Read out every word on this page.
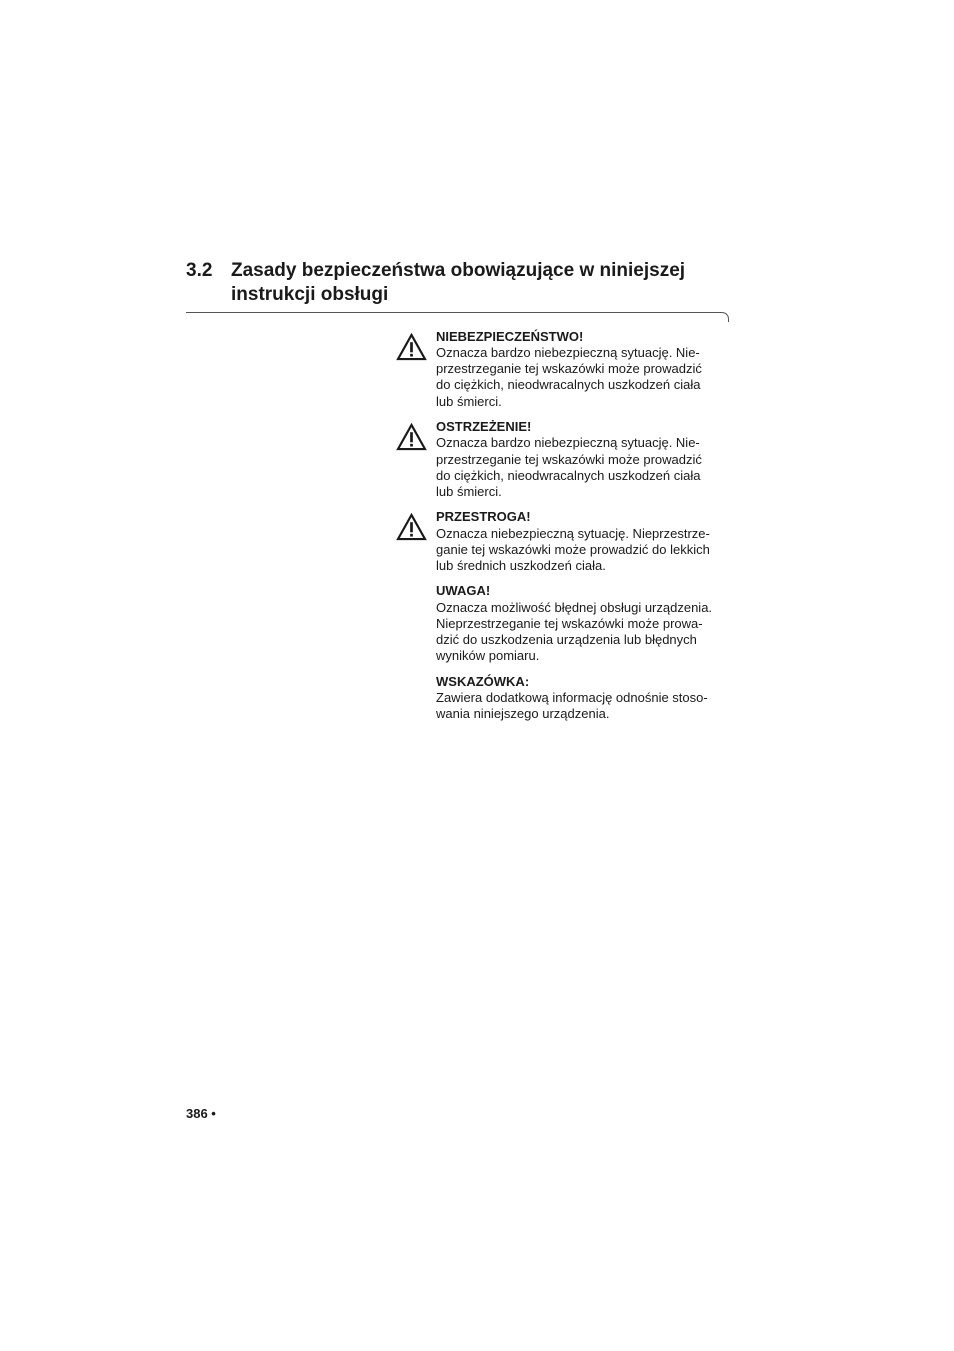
3.2 Zasady bezpieczeństwa obowiązujące w niniejszej instrukcji obsługi
NIEBEZPIECZEŃSTWO!
Oznacza bardzo niebezpieczną sytuację. Nie-
przestrzeganie tej wskazówki może prowadzić
do ciężkich, nieodwracalnych uszkodzeń ciała
lub śmierci.
OSTRZEŻENIE!
Oznacza bardzo niebezpieczną sytuację. Nie-
przestrzeganie tej wskazówki może prowadzić
do ciężkich, nieodwracalnych uszkodzeń ciała
lub śmierci.
PRZESTROGA!
Oznacza niebezpieczną sytuację. Nieprzestrze-
ganie tej wskazówki może prowadzić do lekkich
lub średnich uszkodzeń ciała.
UWAGA!
Oznacza możliwość błędnej obsługi urządzenia.
Nieprzestrzeganie tej wskazówki może prowa-
dzić do uszkodzenia urządzenia lub błędnych
wyników pomiaru.
WSKAZÓWKA:
Zawiera dodatkową informację odnośnie stoso-
wania niniejszego urządzenia.
386 •
